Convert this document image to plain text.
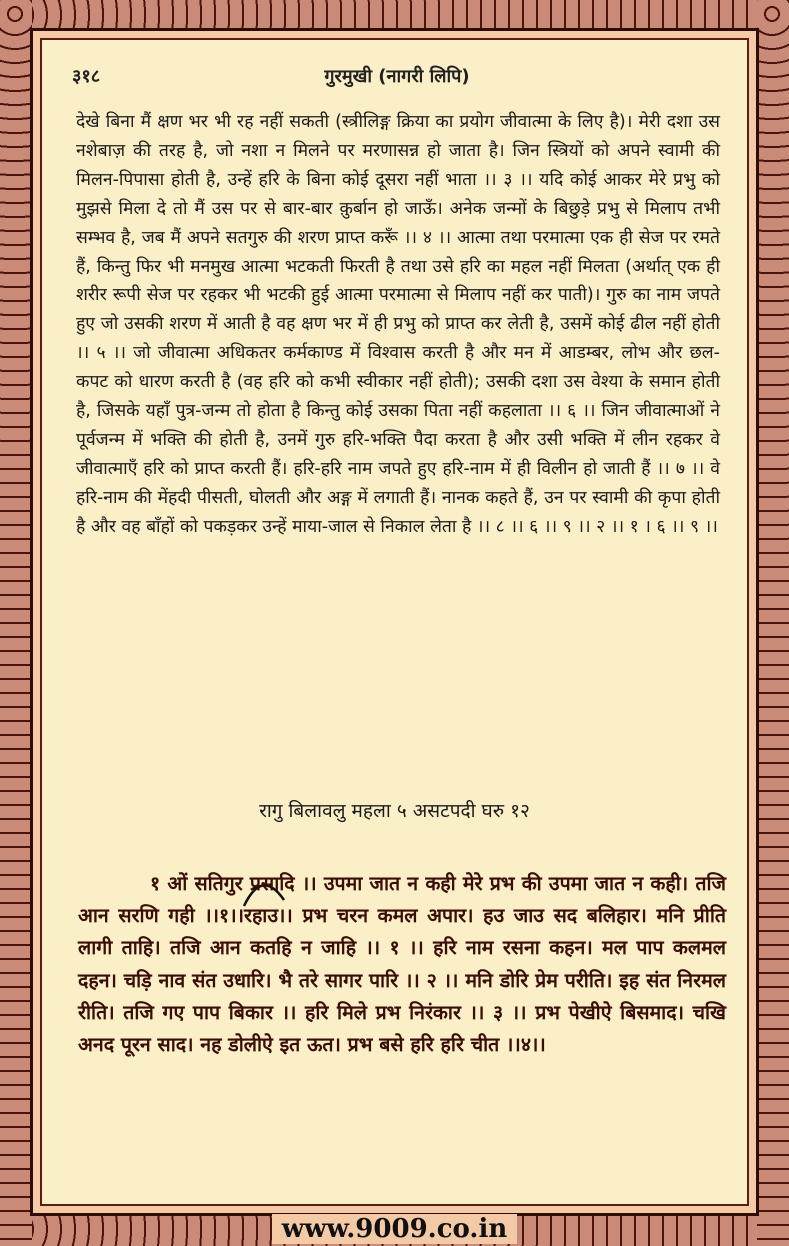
३१८	गुरमुखी (नागरी लिपि)

देखे बिना मैं क्षण भर भी रह नहीं सकती (स्त्रीलिङ्ग क्रिया का प्रयोग जीवात्मा के लिए है)। मेरी दशा उस नशेबाज़ की तरह है, जो नशा न मिलने पर मरणासन्न हो जाता है। जिन स्त्रियों को अपने स्वामी की मिलन-पिपासा होती है, उन्हें हरि के बिना कोई दूसरा नहीं भाता ।। ३ ।। यदि कोई आकर मेरे प्रभु को मुझसे मिला दे तो मैं उस पर से बार-बार क़ुर्बान हो जाऊँ। अनेक जन्मों के बिछुड़े प्रभु से मिलाप तभी सम्भव है, जब मैं अपने सतगुरु की शरण प्राप्त करूँ ।। ४ ।। आत्मा तथा परमात्मा एक ही सेज पर रमते हैं, किन्तु फिर भी मनमुख आत्मा भटकती फिरती है तथा उसे हरि का महल नहीं मिलता (अर्थात् एक ही शरीर रूपी सेज पर रहकर भी भटकी हुई आत्मा परमात्मा से मिलाप नहीं कर पाती)। गुरु का नाम जपते हुए जो उसकी शरण में आती है वह क्षण भर में ही प्रभु को प्राप्त कर लेती है, उसमें कोई ढील नहीं होती ।। ५ ।। जो जीवात्मा अधिकतर कर्मकाण्ड में विश्वास करती है और मन में आडम्बर, लोभ और छल-कपट को धारण करती है (वह हरि को कभी स्वीकार नहीं होती); उसकी दशा उस वेश्या के समान होती है, जिसके यहाँ पुत्र-जन्म तो होता है किन्तु कोई उसका पिता नहीं कहलाता ।। ६ ।। जिन जीवात्माओं ने पूर्वजन्म में भक्ति की होती है, उनमें गुरु हरि-भक्ति पैदा करता है और उसी भक्ति में लीन रहकर वे जीवात्माएँ हरि को प्राप्त करती हैं। हरि-हरि नाम जपते हुए हरि-नाम में ही विलीन हो जाती हैं ।। ७ ।। वे हरि-नाम की मेंहदी पीसती, घोलती और अङ्ग में लगाती हैं। नानक कहते हैं, उन पर स्वामी की कृपा होती है और वह बाँहों को पकड़कर उन्हें माया-जाल से निकाल लेता है ।। ८ ।। ६ ।। ९ ।। २ ।। १ । ६ ।। ९ ।।

रागु बिलावलु महला ५ असटपदी घरु १२

१ ओं सतिगुर प्रसादि ।। उपमा जात न कही मेरे प्रभ की उपमा जात न कही। तजि आन सरणि गही ।।१।।रहाउ।। प्रभ चरन कमल अपार। हउ जाउ सद बलिहार। मनि प्रीति लागी ताहि। तजि आन कतहि न जाहि ।। १ ।। हरि नाम रसना कहन। मल पाप कलमल दहन। चड़ि नाव संत उधारि। भै तरे सागर पारि ।। २ ।। मनि डोरि प्रेम परीति। इह संत निरमल रीति। तजि गए पाप बिकार ।। हरि मिले प्रभ निरंकार ।। ३ ।। प्रभ पेखीऐ बिसमाद। चखि अनद पूरन साद। नह डोलीऐ इत ऊत। प्रभ बसे हरि हरि चीत ।।४।।

www.9009.co.in
